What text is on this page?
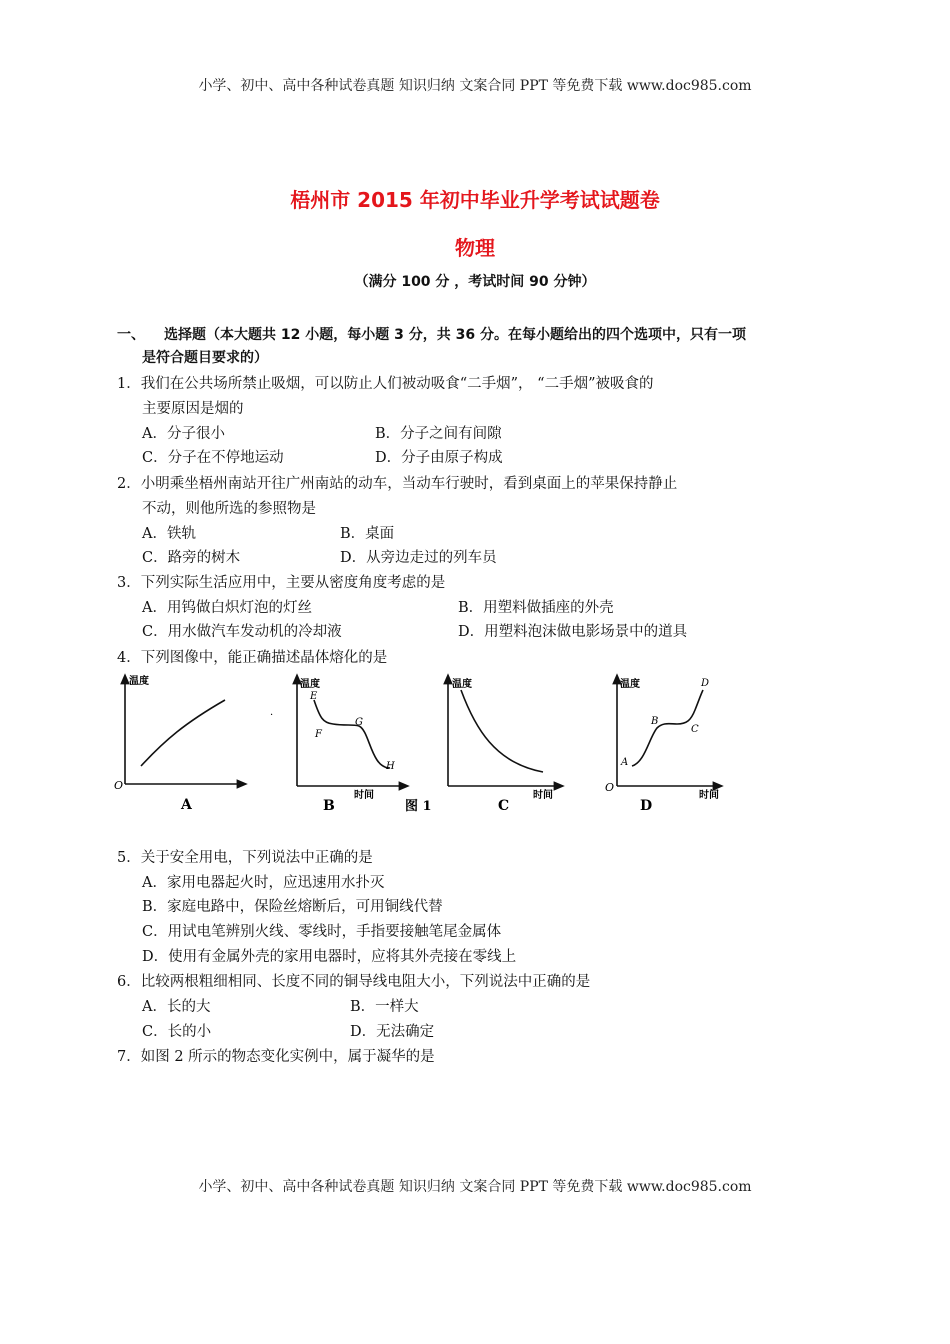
小学、初中、高中各种试卷真题 知识归纳 文案合同 PPT 等免费下载 www.doc985.com
梧州市 2015 年初中毕业升学考试试题卷
物理
（满分 100 分 ，考试时间 90 分钟）
一、 选择题（本大题共 12 小题，每小题 3 分，共 36 分。在每小题给出的四个选项中，只有一项
是符合题目要求的）
1．我们在公共场所禁止吸烟，可以防止人们被动吸食“二手烟”， “二手烟”被吸食的
主要原因是烟的
A．分子很小	B．分子之间有间隙
C．分子在不停地运动	D．分子由原子构成
2．小明乘坐梧州南站开往广州南站的动车，当动车行驶时，看到桌面上的苹果保持静止
不动，则他所选的参照物是
A．铁轨	B．桌面
C．路旁的树木	D．从旁边走过的列车员
3．下列实际生活应用中，主要从密度角度考虑的是
A．用钨做白炽灯泡的灯丝	B．用塑料做插座的外壳
C．用水做汽车发动机的冷却液	D．用塑料泡沫做电影场景中的道具
4．下列图像中，能正确描述晶体熔化的是
温度
O
A
·
温度
时间
E
F
G
H
B	图 1
温度
时间
C
温度
O
时间
A
B
C
D
D
5．关于安全用电，下列说法中正确的是
A．家用电器起火时，应迅速用水扑灭
B．家庭电路中，保险丝熔断后，可用铜线代替
C．用试电笔辨别火线、零线时，手指要接触笔尾金属体
D．使用有金属外壳的家用电器时，应将其外壳接在零线上
6．比较两根粗细相同、长度不同的铜导线电阻大小，下列说法中正确的是
A．长的大	B．一样大
C．长的小	D．无法确定
7．如图 2 所示的物态变化实例中，属于凝华的是
小学、初中、高中各种试卷真题 知识归纳 文案合同 PPT 等免费下载 www.doc985.com
